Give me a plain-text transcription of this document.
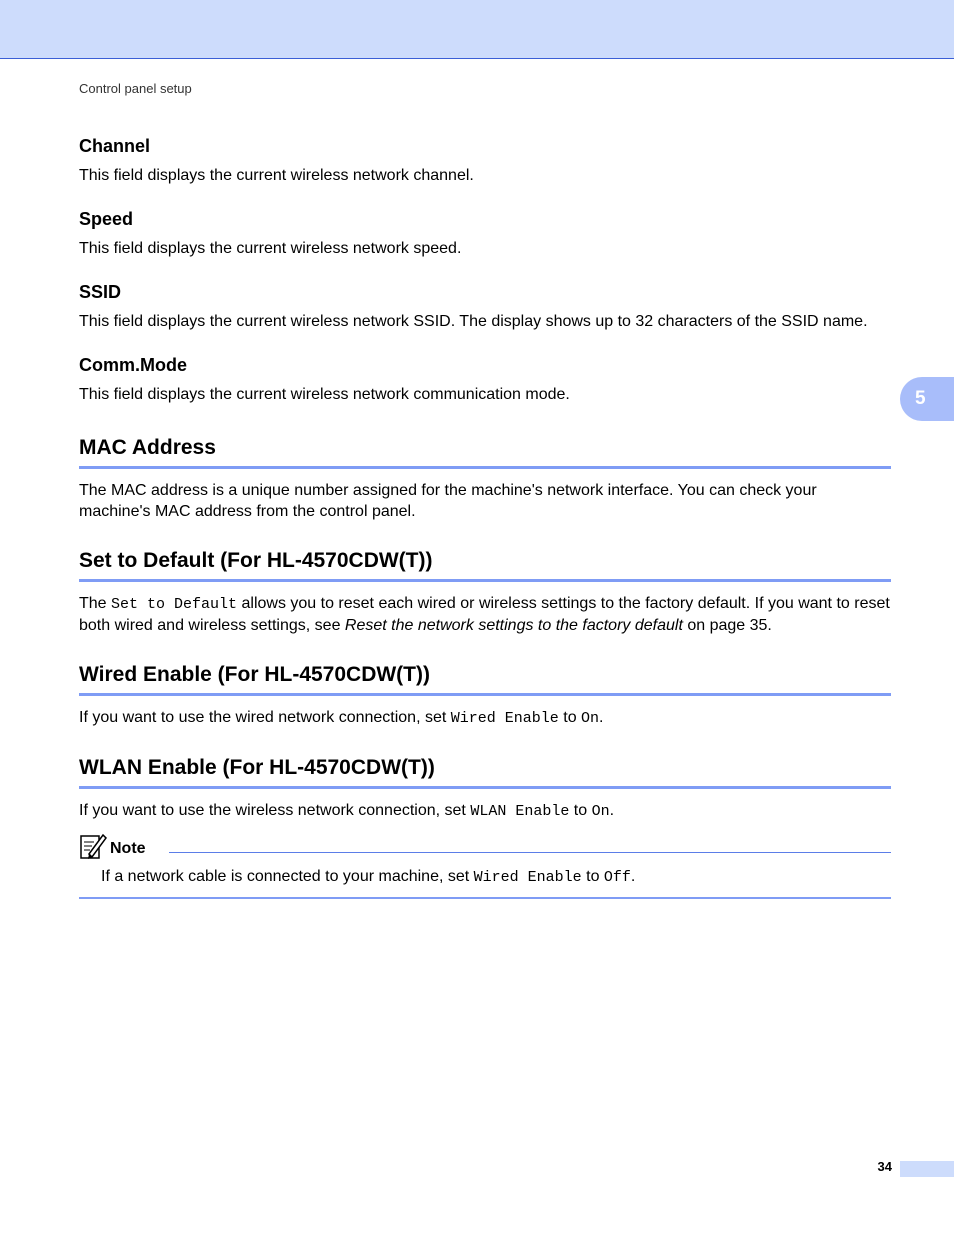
Control panel setup
5
Channel

This field displays the current wireless network channel.

Speed

This field displays the current wireless network speed.

SSID

This field displays the current wireless network SSID. The display shows up to 32 characters of the SSID name.

Comm.Mode

This field displays the current wireless network communication mode.

MAC Address

The MAC address is a unique number assigned for the machine's network interface. You can check your machine's MAC address from the control panel.

Set to Default (For HL-4570CDW(T))

The Set to Default allows you to reset each wired or wireless settings to the factory default. If you want to reset both wired and wireless settings, see Reset the network settings to the factory default on page 35.

Wired Enable (For HL-4570CDW(T))

If you want to use the wired network connection, set Wired Enable to On.

WLAN Enable (For HL-4570CDW(T))

If you want to use the wireless network connection, set WLAN Enable to On.

Note

If a network cable is connected to your machine, set Wired Enable to Off.

34
